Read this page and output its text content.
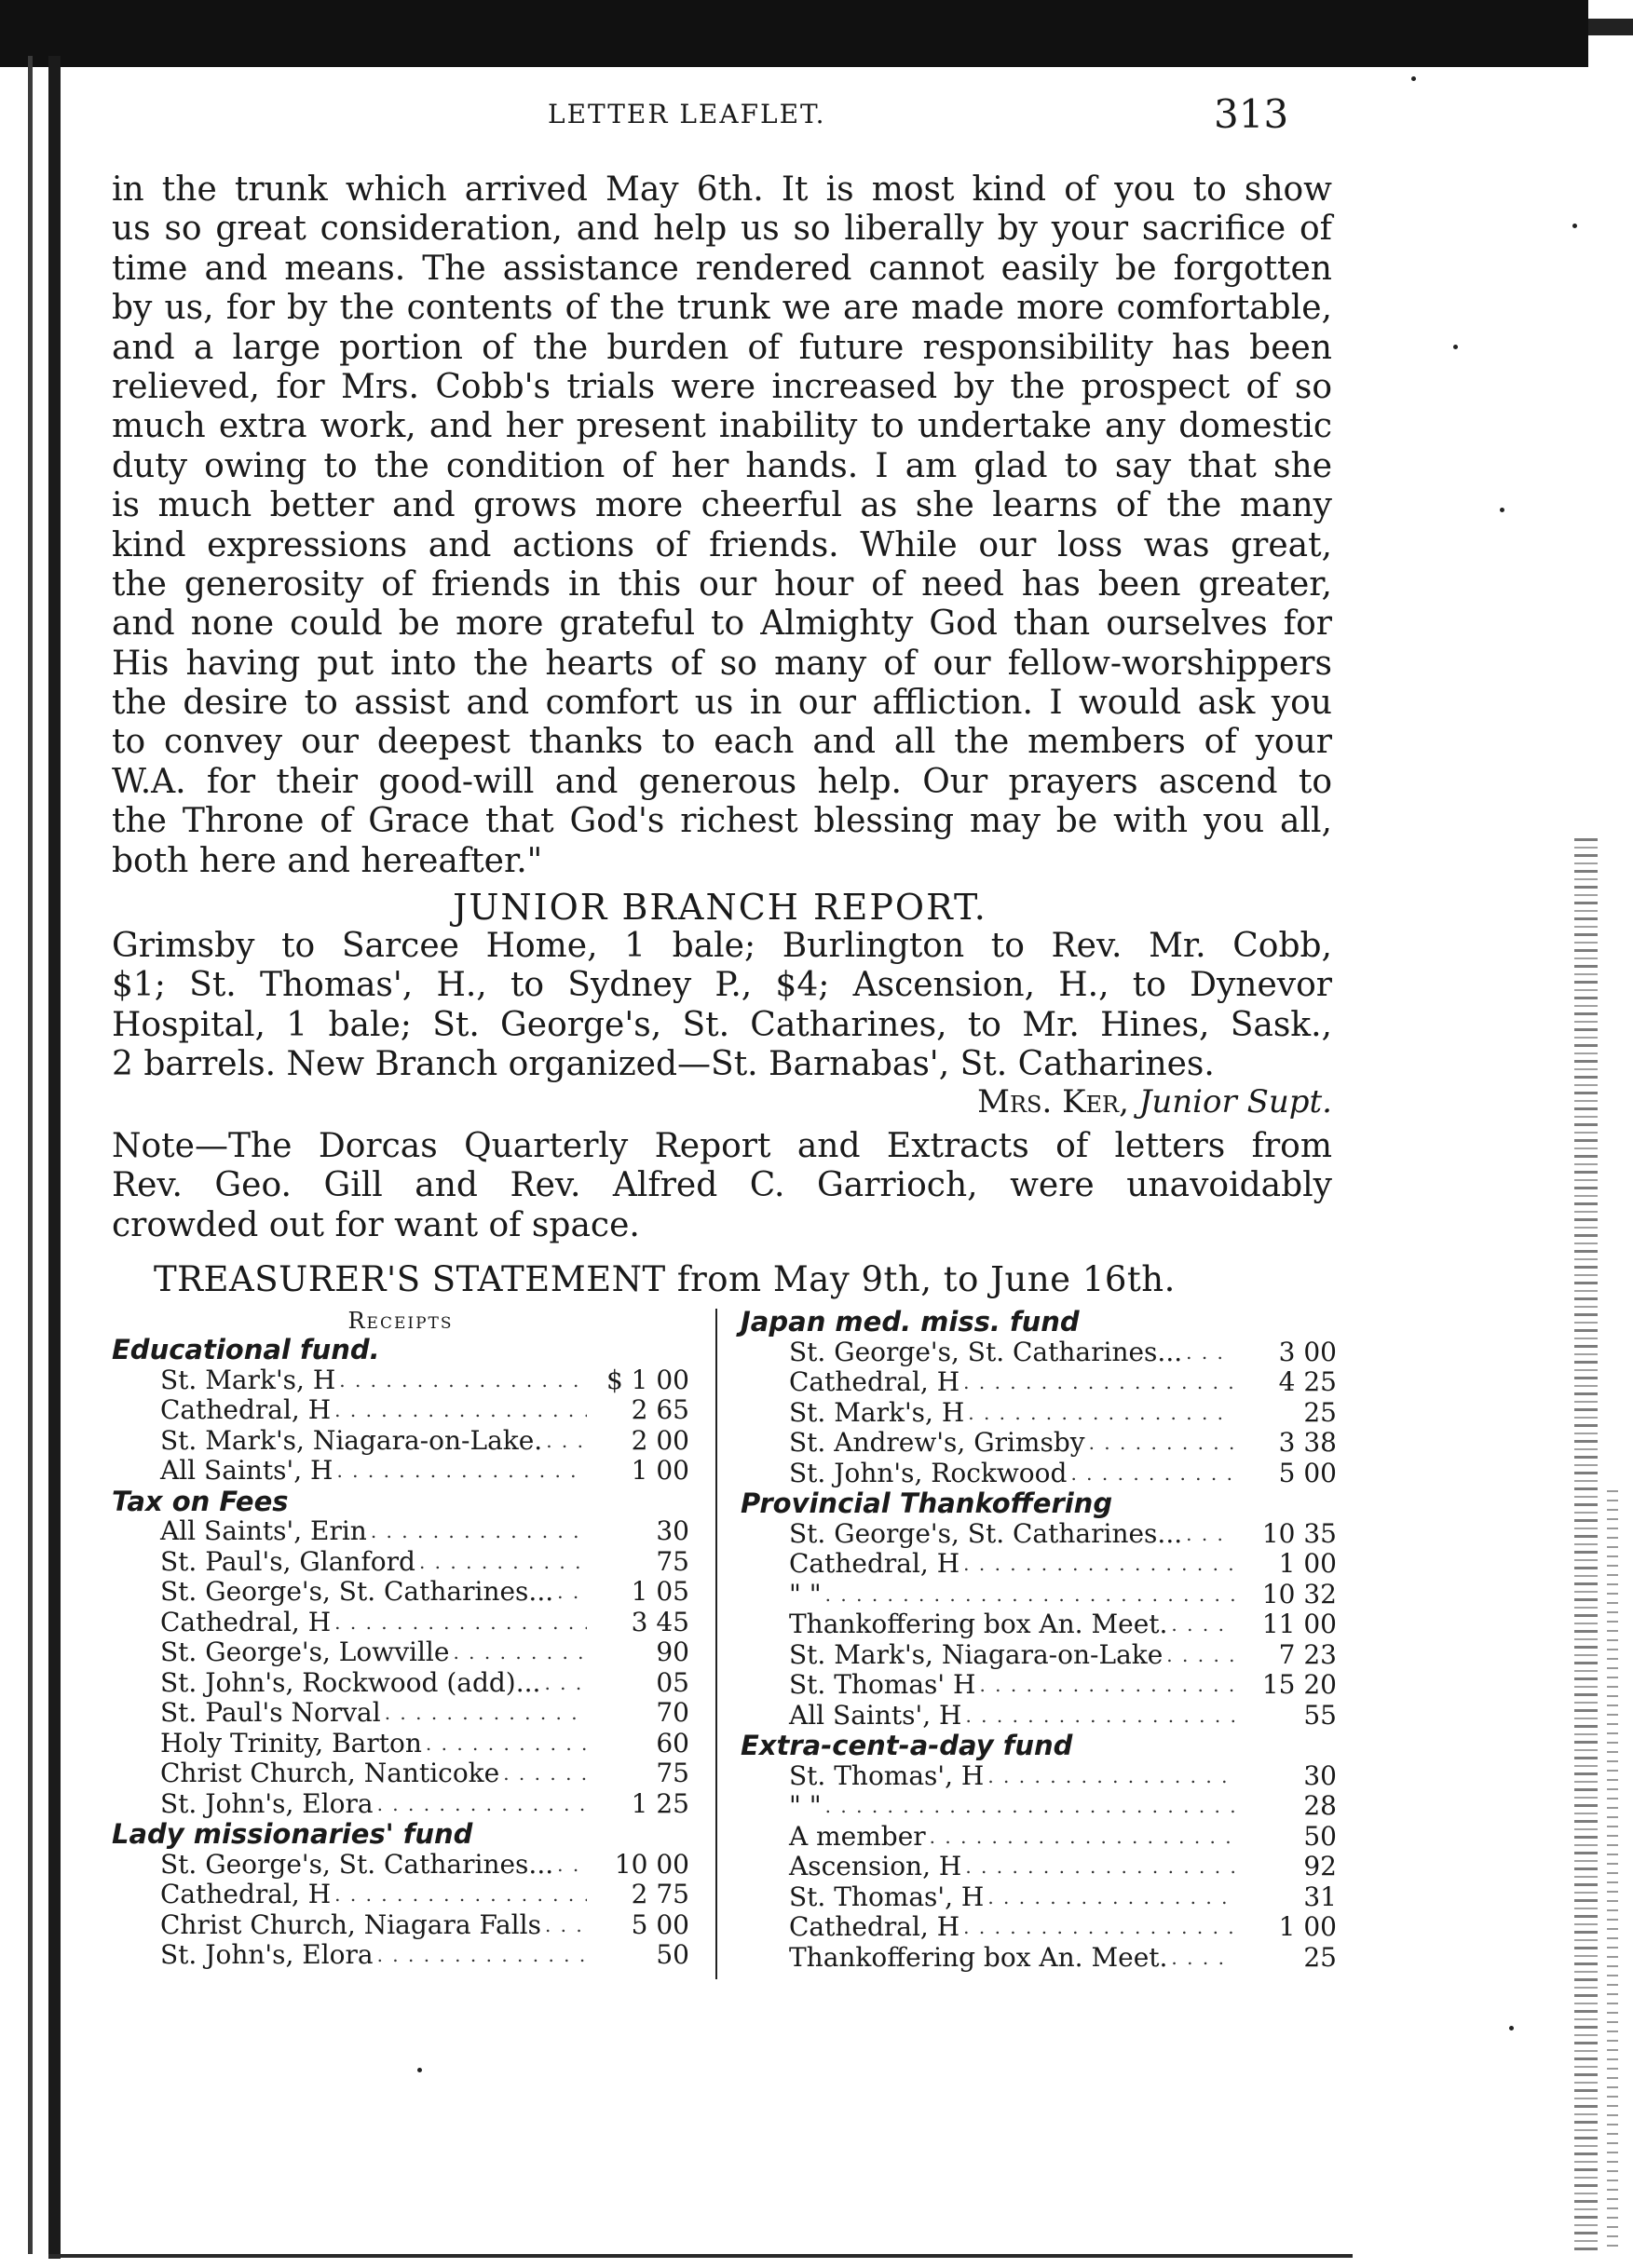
LETTER LEAFLET.	313
in the trunk which arrived May 6th. It is most kind of you to show
us so great consideration, and help us so liberally by your sacrifice of
time and means. The assistance rendered cannot easily be forgotten
by us, for by the contents of the trunk we are made more comfortable,
and a large portion of the burden of future responsibility has been
relieved, for Mrs. Cobb's trials were increased by the prospect of so
much extra work, and her present inability to undertake any domestic
duty owing to the condition of her hands. I am glad to say that she
is much better and grows more cheerful as she learns of the many
kind expressions and actions of friends. While our loss was great,
the generosity of friends in this our hour of need has been greater,
and none could be more grateful to Almighty God than ourselves for
His having put into the hearts of so many of our fellow-worshippers
the desire to assist and comfort us in our affliction. I would ask you
to convey our deepest thanks to each and all the members of your
W.A. for their good-will and generous help. Our prayers ascend to
the Throne of Grace that God's richest blessing may be with you all,
both here and hereafter."
JUNIOR BRANCH REPORT.
Grimsby to Sarcee Home, 1 bale; Burlington to Rev. Mr. Cobb,
$1; St. Thomas', H., to Sydney P., $4; Ascension, H., to Dynevor
Hospital, 1 bale; St. George's, St. Catharines, to Mr. Hines, Sask.,
2 barrels. New Branch organized—St. Barnabas', St. Catharines.
Mrs. Ker, Junior Supt.
Note—The Dorcas Quarterly Report and Extracts of letters from
Rev. Geo. Gill and Rev. Alfred C. Garrioch, were unavoidably
crowded out for want of space.
TREASURER'S STATEMENT from May 9th, to June 16th.
Receipts
Educational fund.
St. Mark's, H . . .	$ 1 00
Cathedral, H . . .	2 65
St. Mark's, Niagara-on-Lake. . . .	2 00
All Saints', H . . .	1 00
Tax on Fees
All Saints', Erin . . .	30
St. Paul's, Glanford . . .	75
St. George's, St. Catharines... . . .	1 05
Cathedral, H . . .	3 45
St. George's, Lowville . . .	90
St. John's, Rockwood (add)... . . .	05
St. Paul's Norval . . .	70
Holy Trinity, Barton . . .	60
Christ Church, Nanticoke . . .	75
St. John's, Elora . . .	1 25
Lady missionaries' fund
St. George's, St. Catharines... . . .	10 00
Cathedral, H . . .	2 75
Christ Church, Niagara Falls . . .	5 00
St. John's, Elora . . .	50
Japan med. miss. fund
St. George's, St. Catharines... . . .	3 00
Cathedral, H . . .	4 25
St. Mark's, H . . .	25
St. Andrew's, Grimsby . . .	3 38
St. John's, Rockwood . . .	5 00
Provincial Thankoffering
St. George's, St. Catharines... . . .	10 35
Cathedral, H . . .	1 00
" " . . .	10 32
Thankoffering box An. Meet. . . .	11 00
St. Mark's, Niagara-on-Lake . . .	7 23
St. Thomas' H . . .	15 20
All Saints', H . . .	55
Extra-cent-a-day fund
St. Thomas', H . . .	30
" " . . .	28
A member . . .	50
Ascension, H . . .	92
St. Thomas', H . . .	31
Cathedral, H . . .	1 00
Thankoffering box An. Meet. . . .	25
